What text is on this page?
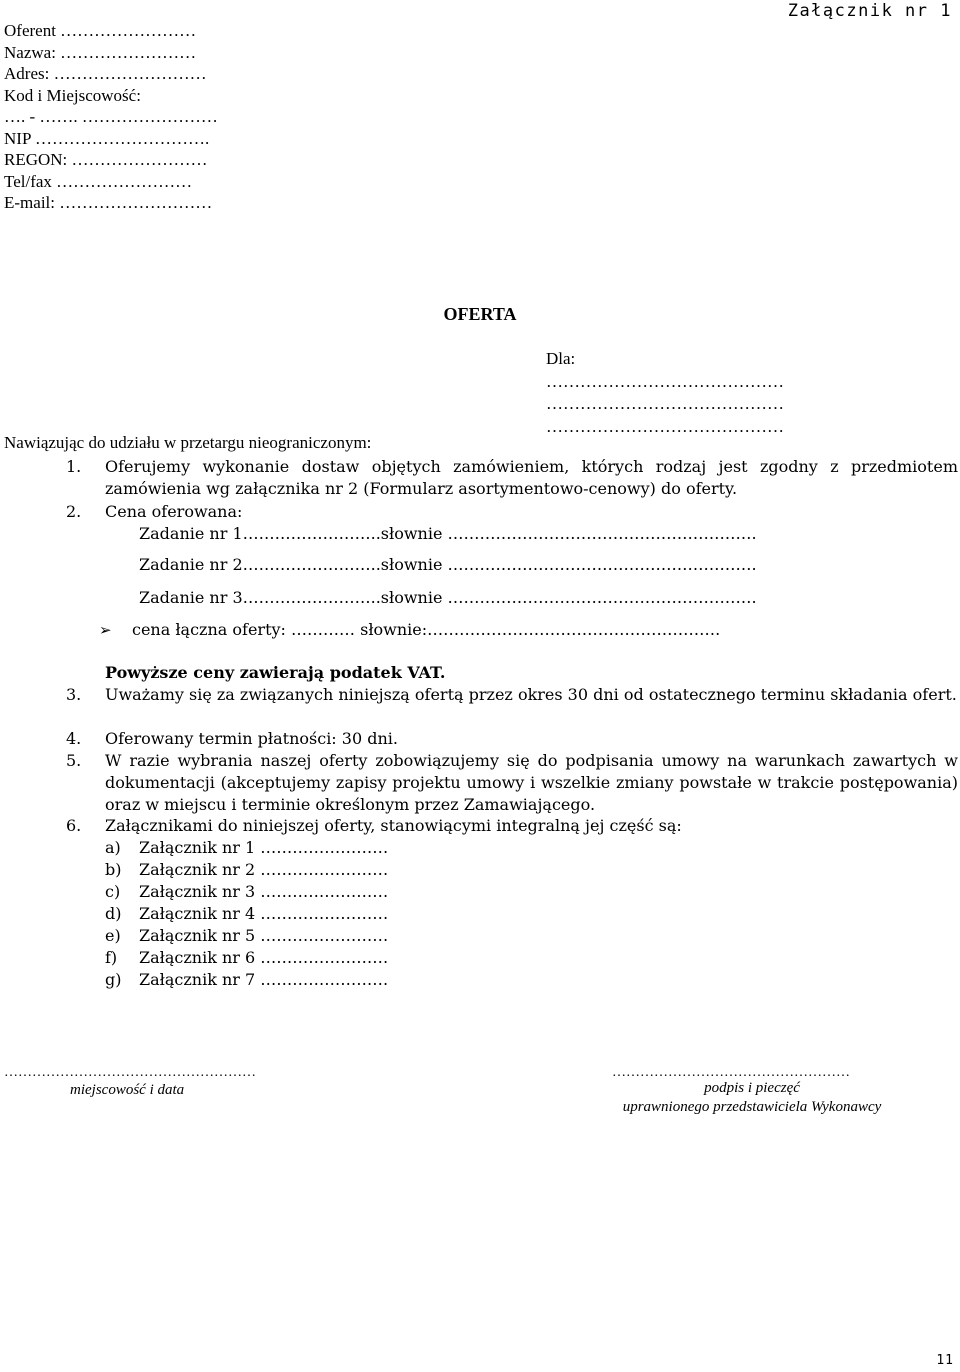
Oferent ……………………
Nazwa: ……………………
Adres: ………………………
Kod i Miejscowość:
…. - ……. ……………………
NIP ………………………….
REGON: ……………………
Tel/fax ……………………
E-mail: ………………………
Załącznik nr 1
OFERTA
Dla:
……………………………………
……………………………………
……………………………………
Nawiązując do udziału w przetargu nieograniczonym:
1. Oferujemy wykonanie dostaw objętych zamówieniem, których rodzaj jest zgodny z przedmiotem zamówienia wg załącznika nr 2 (Formularz asortymentowo-cenowy) do oferty.
2. Cena oferowana:
Zadanie nr 1……………………..słownie ………………………………………………….
Zadanie nr 2……………………..słownie ………………………………………………….
Zadanie nr 3……………………..słownie ………………………………………………….
➢ cena łączna oferty: ………… słownie:……………………………………………….
Powyższe ceny zawierają podatek VAT.
3. Uważamy się za związanych niniejszą ofertą przez okres 30 dni od ostatecznego terminu składania ofert.
4. Oferowany termin płatności: 30 dni.
5. W razie wybrania naszej oferty zobowiązujemy się do podpisania umowy na warunkach zawartych w dokumentacji (akceptujemy zapisy projektu umowy i wszelkie zmiany powstałe w trakcie postępowania) oraz w miejscu i terminie określonym przez Zamawiającego.
6. Załącznikami do niniejszej oferty, stanowiącymi integralną jej część są:
a) Załącznik nr 1 ……………………
b) Załącznik nr 2 ……………………
c) Załącznik nr 3 ……………………
d) Załącznik nr 4 ……………………
e) Załącznik nr 5 ……………………
f) Załącznik nr 6 ……………………
g) Załącznik nr 7 ……………………
………………………………………………
miejscowość i data
……………………………………………
podpis i pieczęć
uprawnionego przedstawiciela Wykonawcy
11
